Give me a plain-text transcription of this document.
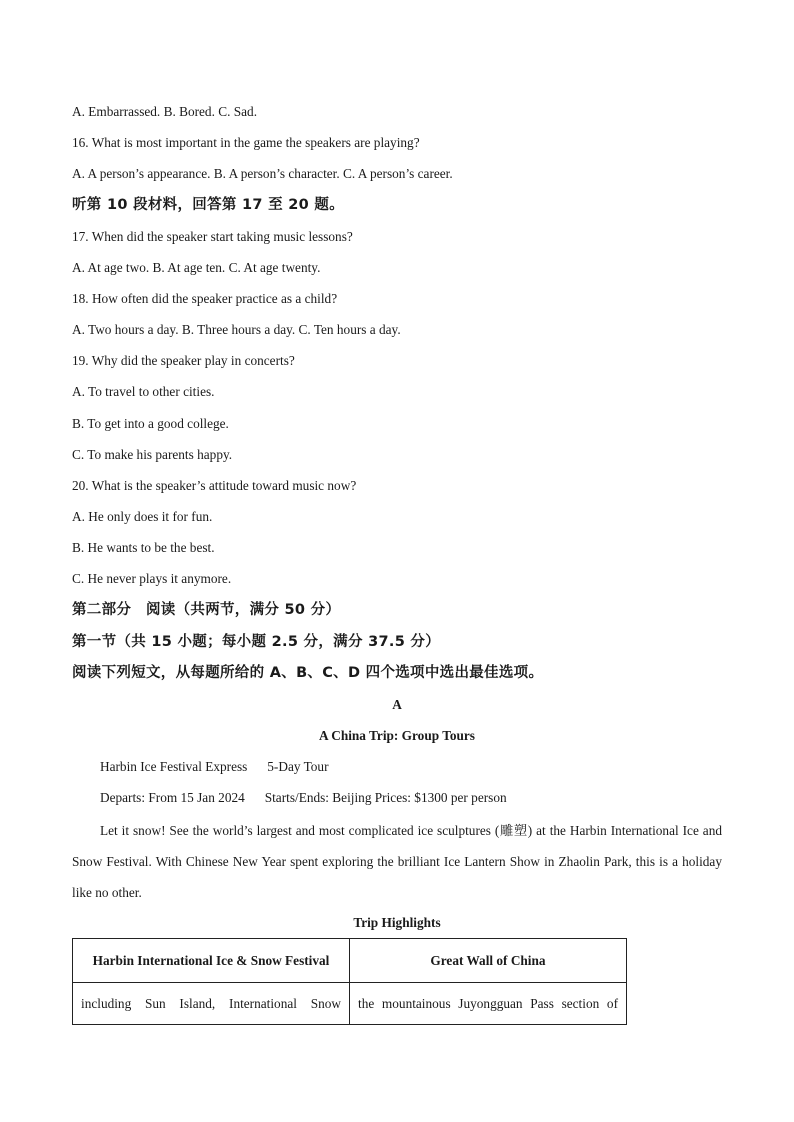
A. Embarrassed. B. Bored. C. Sad.
16. What is most important in the game the speakers are playing?
A. A person’s appearance. B. A person’s character. C. A person’s career.
听第 10 段材料，回答第 17 至 20 题。
17. When did the speaker start taking music lessons?
A. At age two. B. At age ten. C. At age twenty.
18. How often did the speaker practice as a child?
A. Two hours a day. B. Three hours a day. C. Ten hours a day.
19. Why did the speaker play in concerts?
A. To travel to other cities.
B. To get into a good college.
C. To make his parents happy.
20. What is the speaker’s attitude toward music now?
A. He only does it for fun.
B. He wants to be the best.
C. He never plays it anymore.
第二部分　阅读（共两节，满分 50 分）
第一节（共 15 小题；每小题 2.5 分，满分 37.5 分）
阅读下列短文，从每题所给的 A、B、C、D 四个选项中选出最佳选项。
A
A China Trip: Group Tours
Harbin Ice Festival Express      5-Day Tour
Departs: From 15 Jan 2024      Starts/Ends: Beijing Prices: $1300 per person
Let it snow! See the world’s largest and most complicated ice sculptures (雕塑) at the Harbin International Ice and Snow Festival. With Chinese New Year spent exploring the brilliant Ice Lantern Show in Zhaolin Park, this is a holiday like no other.
Trip Highlights
Harbin International Ice & Snow Festival	Great Wall of China
including Sun Island, International Snow	the mountainous Juyongguan Pass section of
